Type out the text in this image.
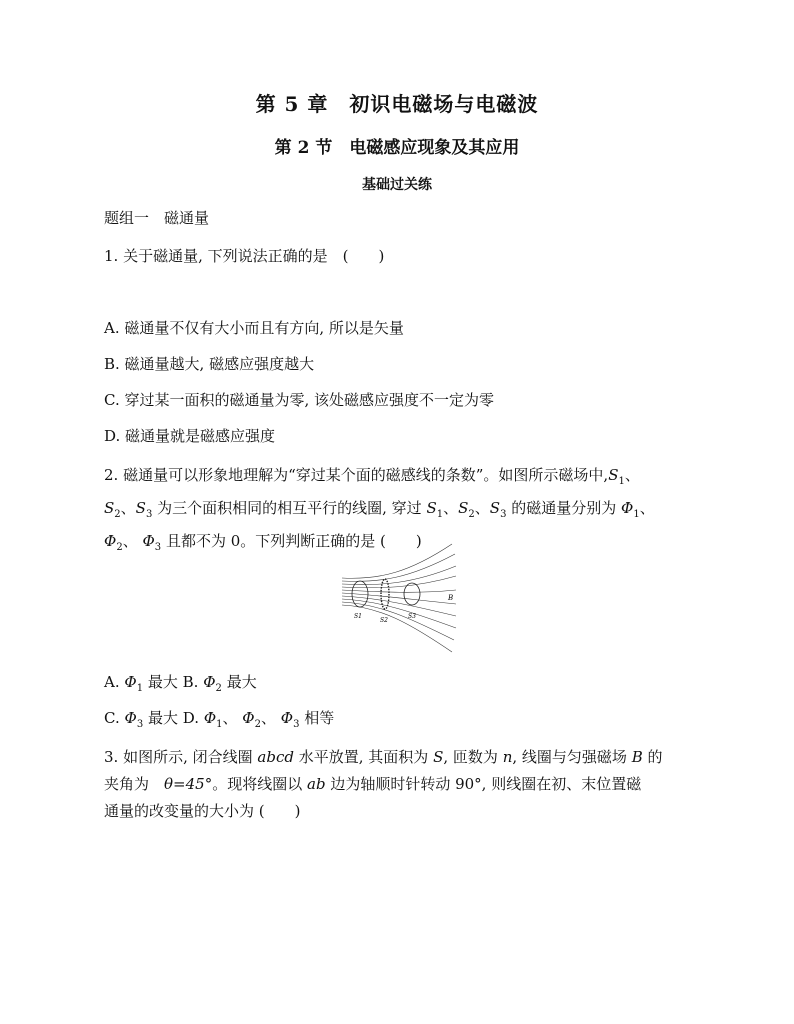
第 5 章　初识电磁场与电磁波
第 2 节　电磁感应现象及其应用
基础过关练
题组一　磁通量
1. 关于磁通量, 下列说法正确的是　(　　)
A. 磁通量不仅有大小而且有方向, 所以是矢量
B. 磁通量越大, 磁感应强度越大
C. 穿过某一面积的磁通量为零, 该处磁感应强度不一定为零
D. 磁通量就是磁感应强度
2. 磁通量可以形象地理解为“穿过某个面的磁感线的条数”。如图所示磁场中$,S_1$、
$S_2$、$S_3$ 为三个面积相同的相互平行的线圈, 穿过 $S_1$、$S_2$、$S_3$ 的磁通量分别为 $\Phi_1$、
$\Phi_2$、 $\Phi_3$ 且都不为 0。下列判断正确的是 (　　)
B
S1
S2
S3
A. $\Phi_1$ 最大 B. $\Phi_2$ 最大
C. $\Phi_3$ 最大 D. $\Phi_1$、 $\Phi_2$、 $\Phi_3$ 相等
3. 如图所示, 闭合线圈 abcd 水平放置, 其面积为 S, 匝数为 n, 线圈与匀强磁场 B 的
夹角为　θ=45°。现将线圈以 ab 边为轴顺时针转动 90°, 则线圈在初、末位置磁
通量的改变量的大小为 (　　)
